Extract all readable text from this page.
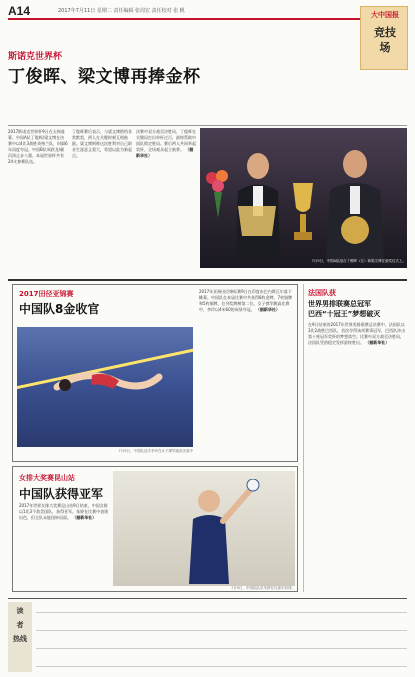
A14	2017年7月11日 星期二 责任编辑 张周宏 责任校对 张 帆	大中国报
竞技
场
斯诺克世界杯
丁俊晖、梁文博再捧金杯
2017斯诺克世界杯9日在无锡落幕，中国A队丁俊晖/梁文博在决赛中以4比3战胜英格兰队，时隔6年再度夺冠。中国B队周跃龙/颜丙涛止步八强。本届世界杯共有24支参赛队伍。
丁俊晖赛后表示，与梁文博搭档非常默契，两人在关键时刻互相鼓励。梁文博则称这次胜利对自己职业生涯意义重大，希望以此为新起点。
决赛中双方战至决胜局，丁俊晖在关键局打出单杆过百，最终帮助中国队锁定胜局。赛后两人共同举起奖杯，全场观众起立鼓掌。 （据新华社）
7月9日，中国A队组合丁俊晖（左）和梁文博在颁奖仪式上。
2017田径亚锦赛
中国队8金收官
7月9日，中国队选手李玲在女子撑竿跳高决赛中
2017年亚洲田径锦标赛9日在印度布巴内斯瓦尔落下帷幕。中国队在本届比赛中共获得8枚金牌、7枚银牌和5枚铜牌，位列奖牌榜第二位。女子撑竿跳高比赛中，李玲以4米60的成绩夺冠。 （据新华社）
女排大奖赛昆山站
中国队获得亚军
2017年世界女排大奖赛昆山站9日结束，中国女排以1比3不敌美国队，获得亚军。朱婷在比赛中表现出色，但全队未能扭转局面。 （据新华社）
7月9日，中国队队员朱婷在比赛中扣球。
法国队获
世界男排联赛总冠军
巴西“十冠王”梦想破灭
在9日结束的2017年世界男排联赛总决赛中，法国队以3比2战胜巴西队，首次夺得该项赛事冠军，巴西队冲击第十座冠军奖杯的梦想落空。比赛中双方战至决胜局，法国队凭借稳定发挥最终胜出。 （据新华社）
读
者
热线
